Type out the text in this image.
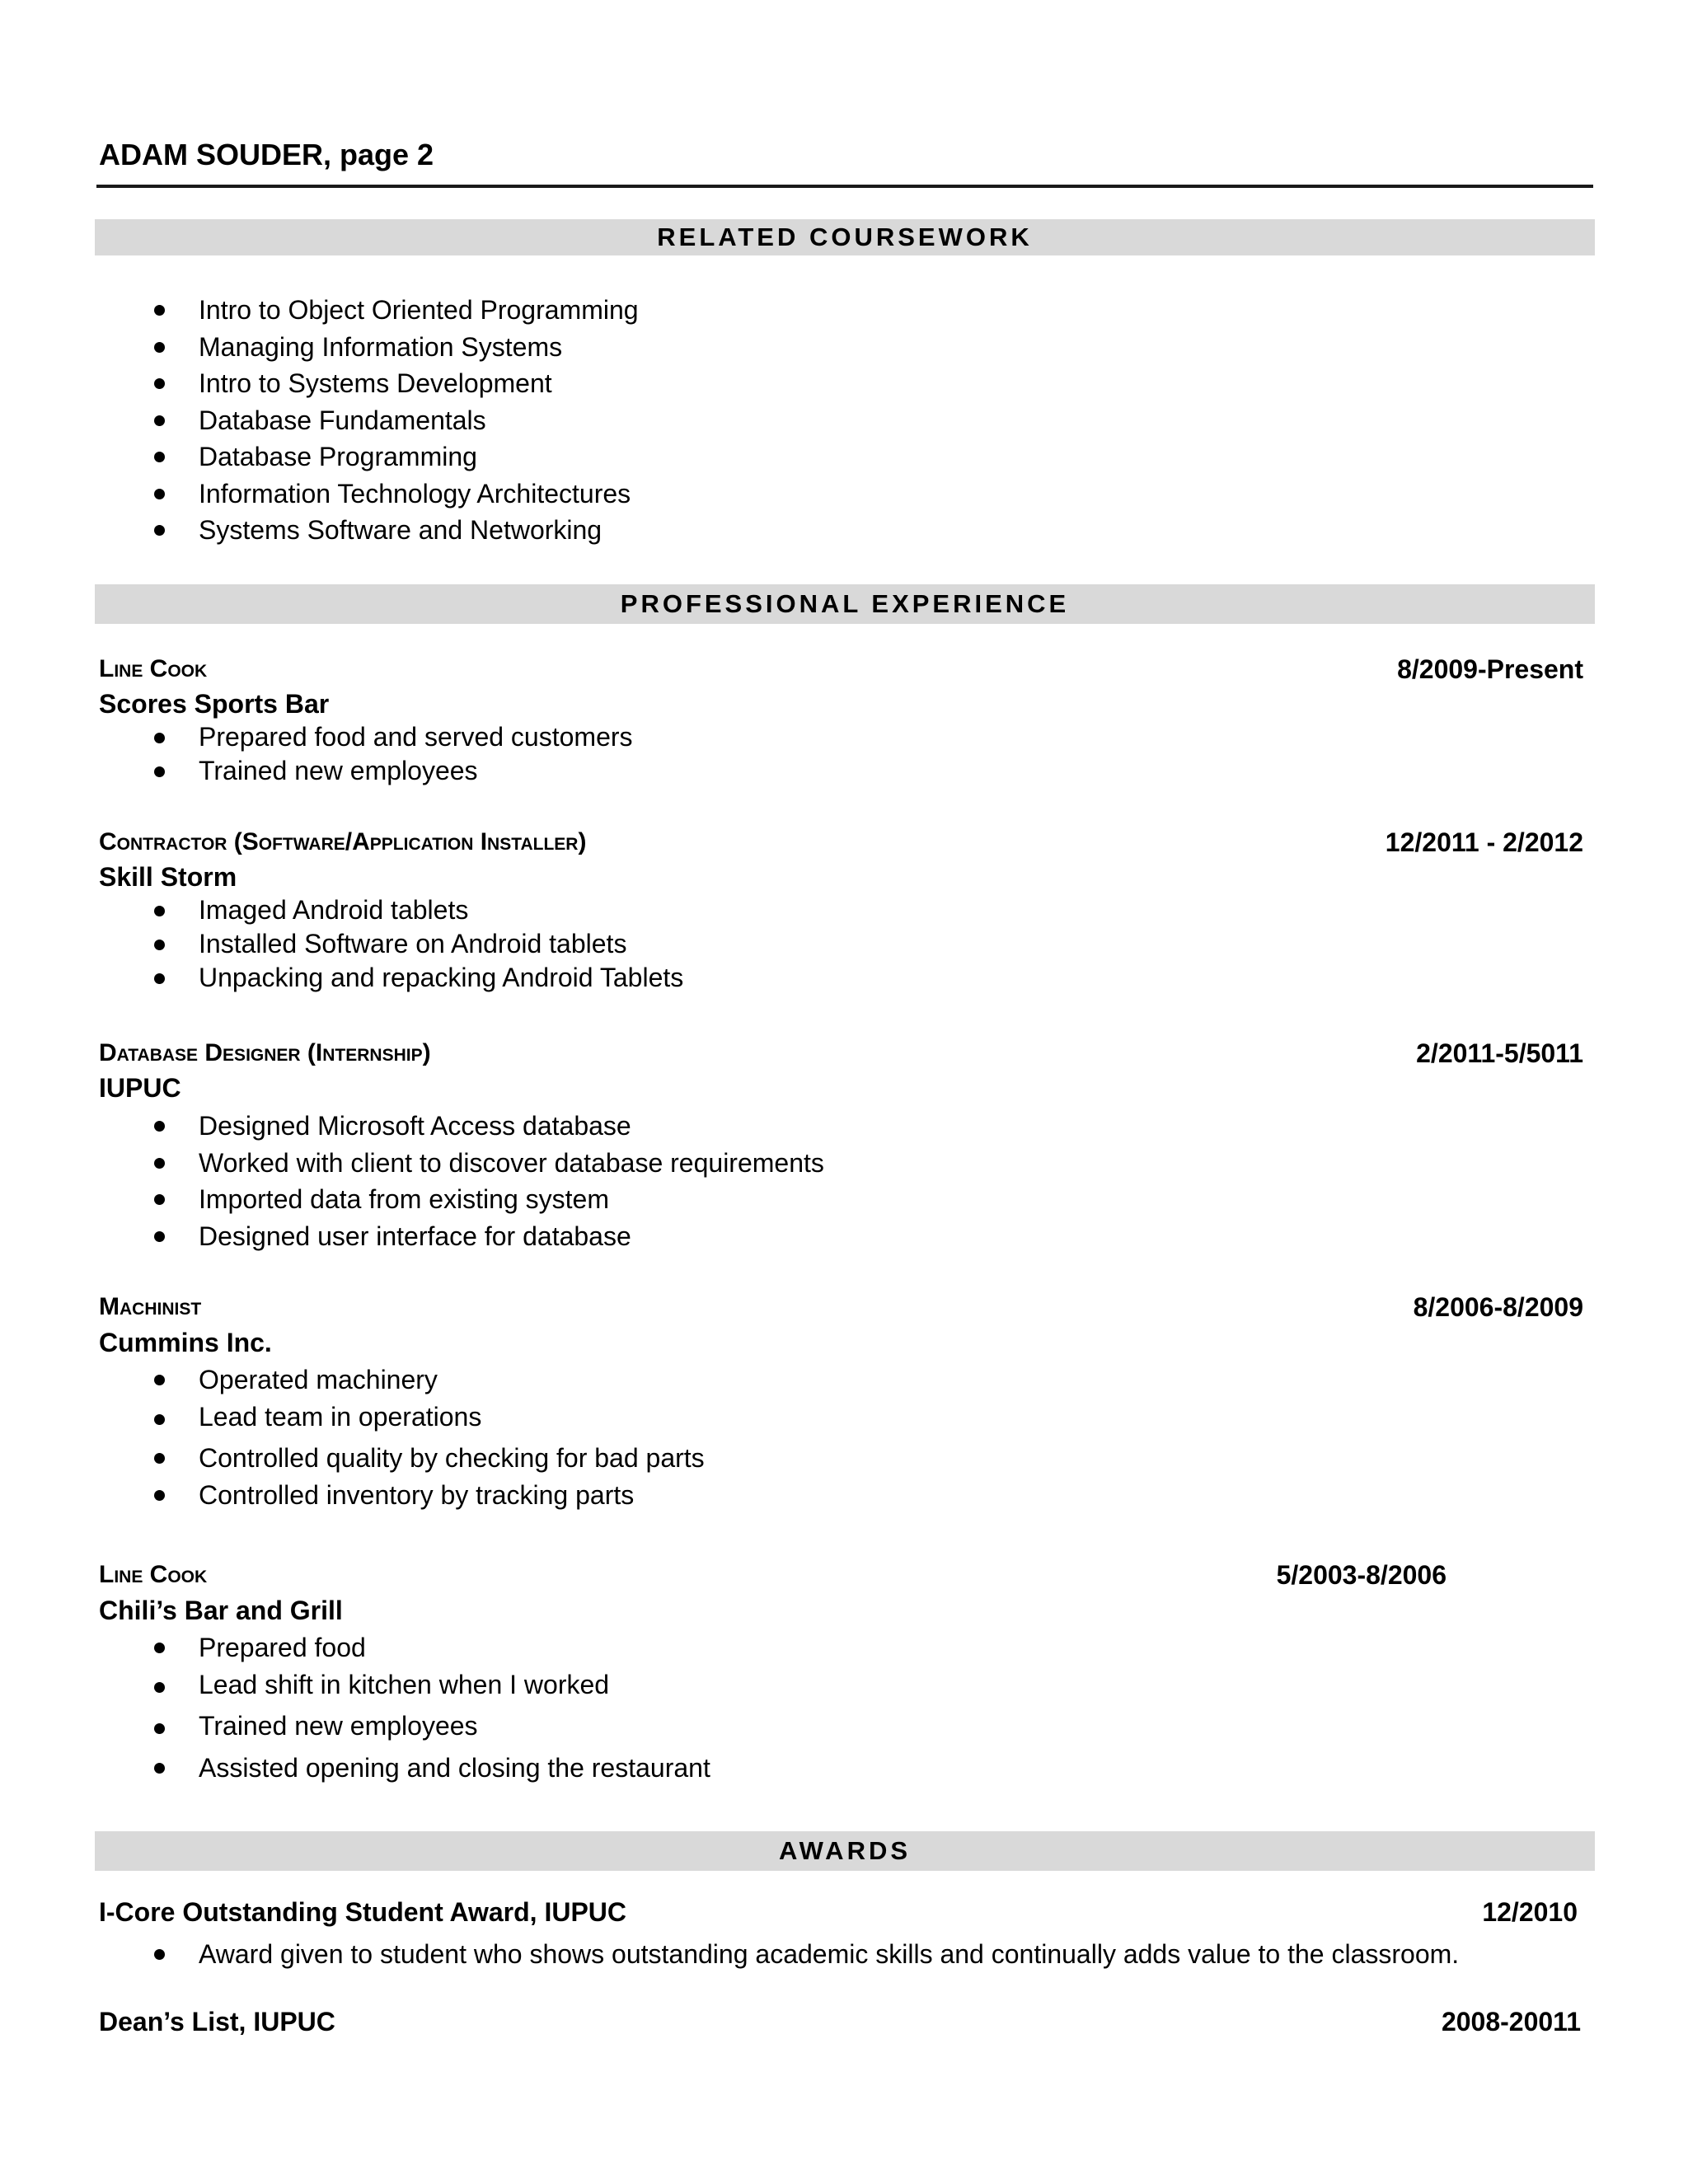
ADAM SOUDER, page 2
RELATED COURSEWORK
Intro to Object Oriented Programming
Managing Information Systems
Intro to Systems Development
Database Fundamentals
Database Programming
Information Technology Architectures
Systems Software and Networking
PROFESSIONAL EXPERIENCE
Line Cook	8/2009-Present
Scores Sports Bar
Prepared food and served customers
Trained new employees
Contractor (Software/Application Installer)	12/2011 - 2/2012
Skill Storm
Imaged Android tablets
Installed Software on Android tablets
Unpacking and repacking Android Tablets
Database Designer (Internship)	2/2011-5/5011
IUPUC
Designed Microsoft Access database
Worked with client to discover database requirements
Imported data from existing system
Designed user interface for database
Machinist	8/2006-8/2009
Cummins Inc.
Operated machinery
Lead team in operations
Controlled quality by checking for bad parts
Controlled inventory by tracking parts
Line Cook	5/2003-8/2006
Chili’s Bar and Grill
Prepared food
Lead shift in kitchen when I worked
Trained new employees
Assisted opening and closing the restaurant
AWARDS
I-Core Outstanding Student Award, IUPUC	12/2010
Award given to student who shows outstanding academic skills and continually adds value to the classroom.
Dean’s List, IUPUC	2008-20011
